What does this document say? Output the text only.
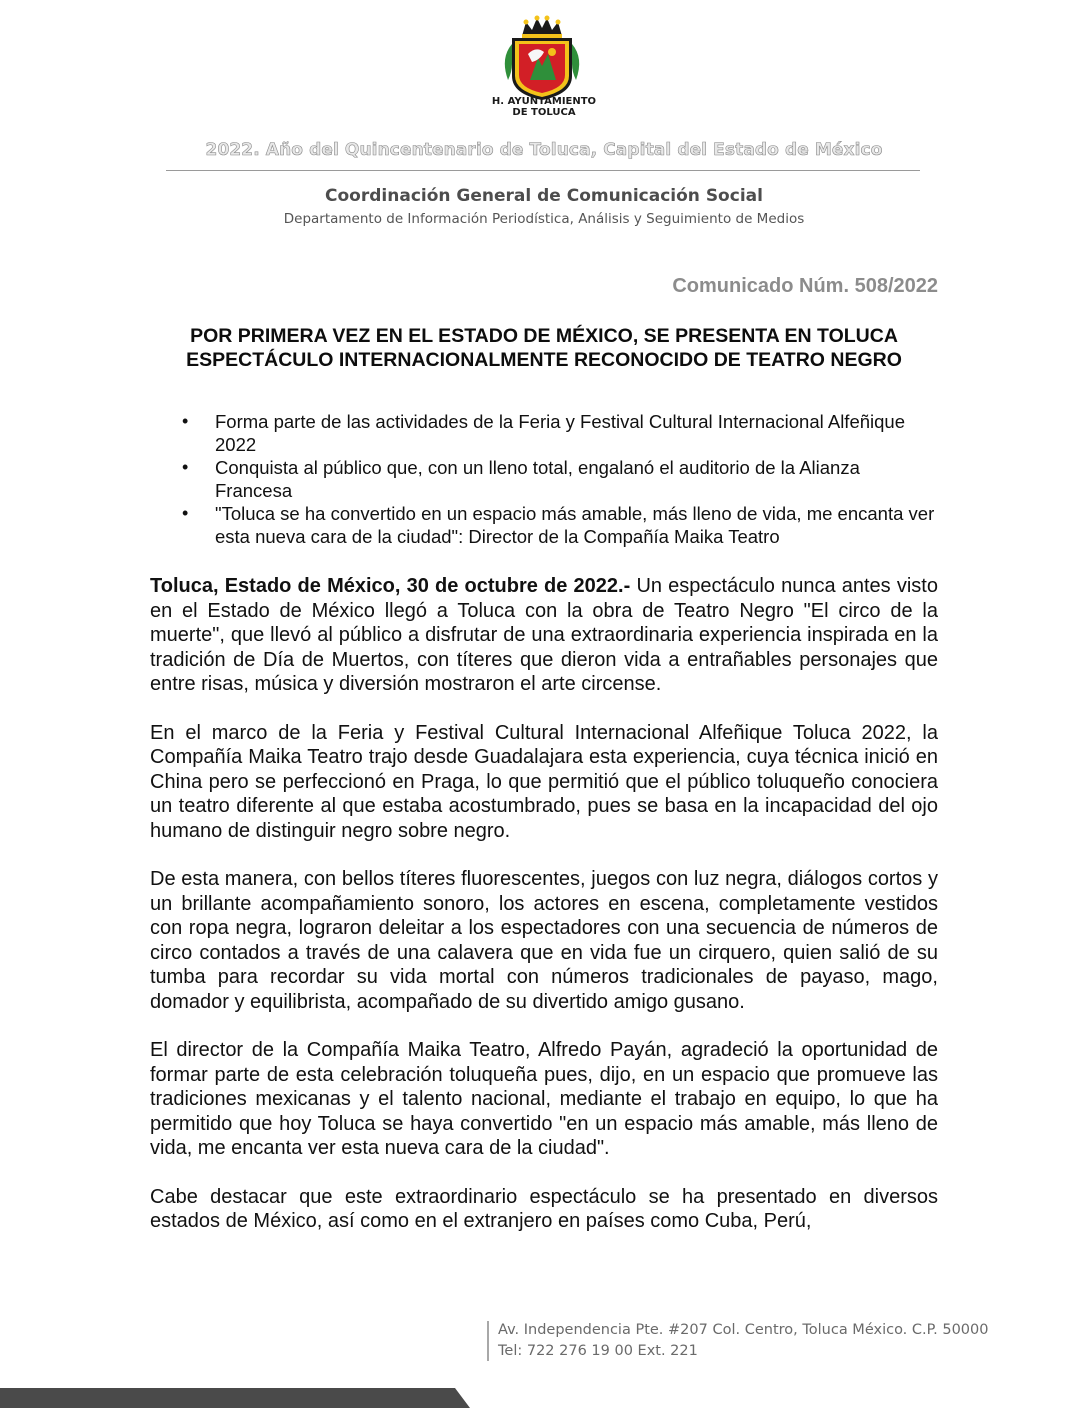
H. AYUNTAMIENTO
DE TOLUCA
2022. Año del Quincentenario de Toluca, Capital del Estado de México
Coordinación General de Comunicación Social
Departamento de Información Periodística, Análisis y Seguimiento de Medios
Comunicado Núm. 508/2022
POR PRIMERA VEZ EN EL ESTADO DE MÉXICO, SE PRESENTA EN TOLUCA
ESPECTÁCULO INTERNACIONALMENTE RECONOCIDO DE TEATRO NEGRO
• Forma parte de las actividades de la Feria y Festival Cultural Internacional Alfeñique 2022
• Conquista al público que, con un lleno total, engalanó el auditorio de la Alianza Francesa
• "Toluca se ha convertido en un espacio más amable, más lleno de vida, me encanta ver esta nueva cara de la ciudad": Director de la Compañía Maika Teatro

Toluca, Estado de México, 30 de octubre de 2022.- Un espectáculo nunca antes visto en el Estado de México llegó a Toluca con la obra de Teatro Negro "El circo de la muerte", que llevó al público a disfrutar de una extraordinaria experiencia inspirada en la tradición de Día de Muertos, con títeres que dieron vida a entrañables personajes que entre risas, música y diversión mostraron el arte circense.

En el marco de la Feria y Festival Cultural Internacional Alfeñique Toluca 2022, la Compañía Maika Teatro trajo desde Guadalajara esta experiencia, cuya técnica inició en China pero se perfeccionó en Praga, lo que permitió que el público toluqueño conociera un teatro diferente al que estaba acostumbrado, pues se basa en la incapacidad del ojo humano de distinguir negro sobre negro.

De esta manera, con bellos títeres fluorescentes, juegos con luz negra, diálogos cortos y un brillante acompañamiento sonoro, los actores en escena, completamente vestidos con ropa negra, lograron deleitar a los espectadores con una secuencia de números de circo contados a través de una calavera que en vida fue un cirquero, quien salió de su tumba para recordar su vida mortal con números tradicionales de payaso, mago, domador y equilibrista, acompañado de su divertido amigo gusano.

El director de la Compañía Maika Teatro, Alfredo Payán, agradeció la oportunidad de formar parte de esta celebración toluqueña pues, dijo, en un espacio que promueve las tradiciones mexicanas y el talento nacional, mediante el trabajo en equipo, lo que ha permitido que hoy Toluca se haya convertido "en un espacio más amable, más lleno de vida, me encanta ver esta nueva cara de la ciudad".

Cabe destacar que este extraordinario espectáculo se ha presentado en diversos estados de México, así como en el extranjero en países como Cuba, Perú,

Av. Independencia Pte. #207 Col. Centro, Toluca México. C.P. 50000
Tel: 722 276 19 00 Ext. 221
